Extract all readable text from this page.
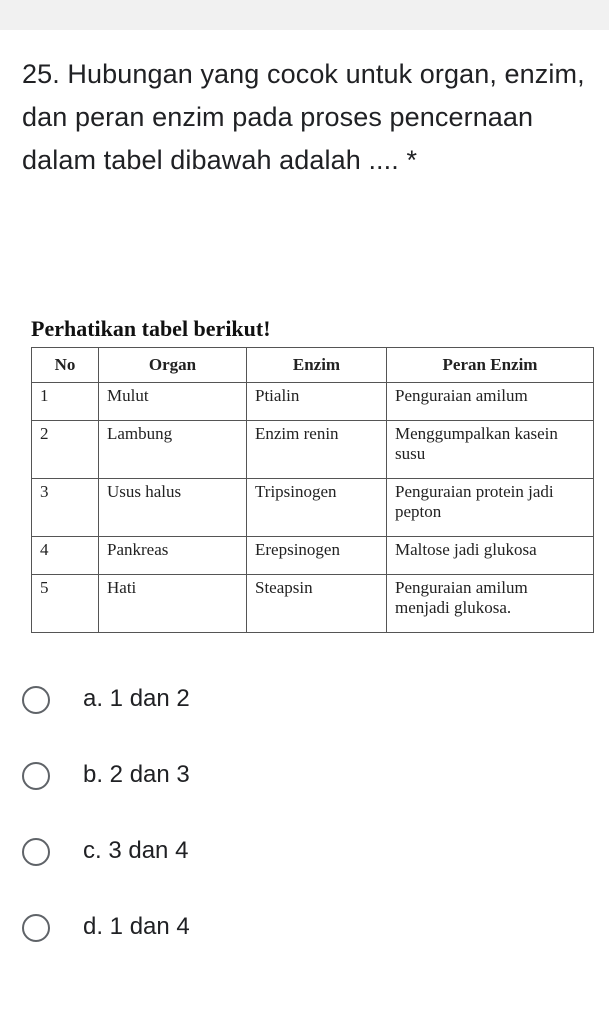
25. Hubungan yang cocok untuk organ, enzim, dan peran enzim pada proses pencernaan dalam tabel dibawah adalah .... *
Perhatikan tabel berikut!
No	Organ	Enzim	Peran Enzim
1	Mulut	Ptialin	Penguraian amilum
2	Lambung	Enzim renin	Menggumpalkan kasein susu
3	Usus halus	Tripsinogen	Penguraian protein jadi pepton
4	Pankreas	Erepsinogen	Maltose jadi glukosa
5	Hati	Steapsin	Penguraian amilum menjadi glukosa.
a. 1 dan 2
b. 2 dan 3
c. 3 dan 4
d. 1 dan 4
